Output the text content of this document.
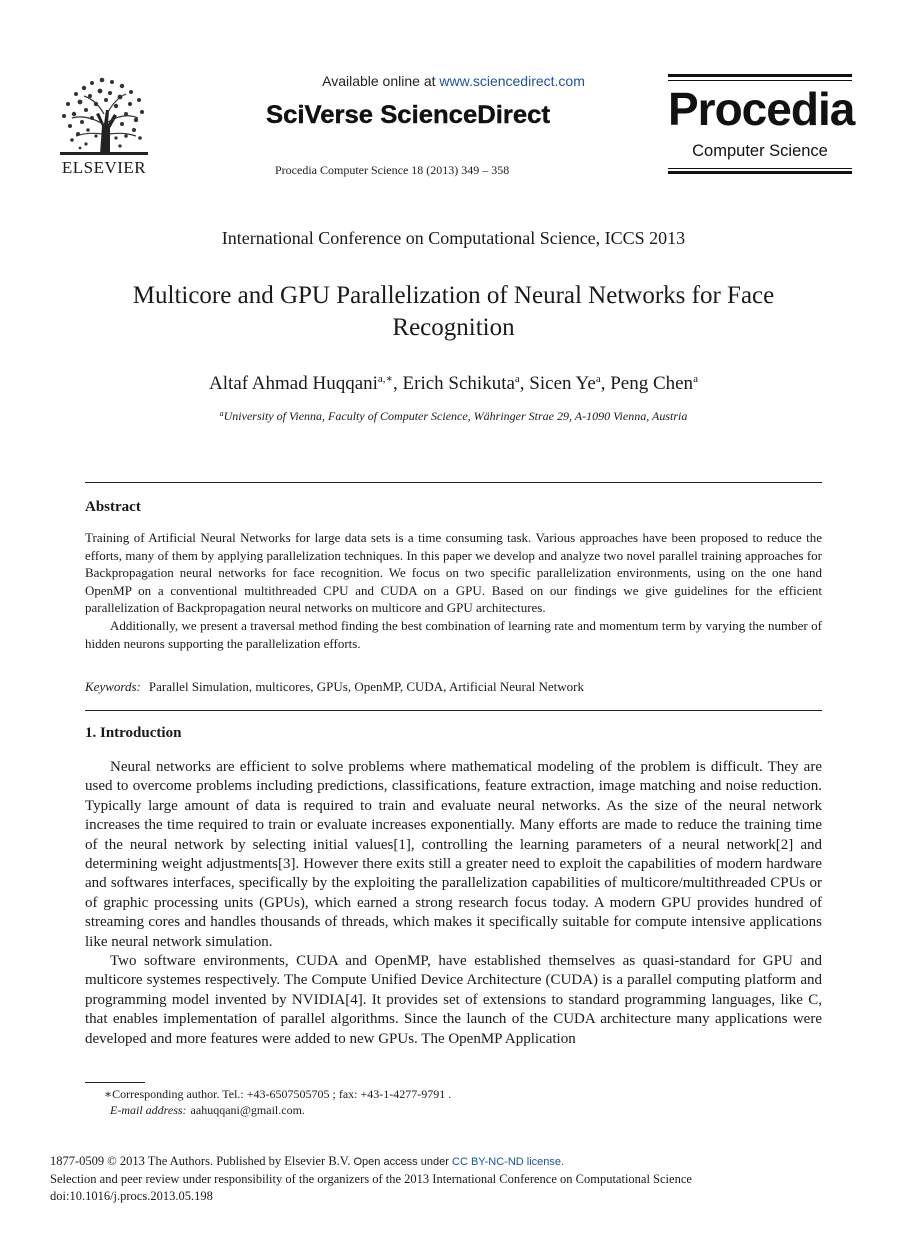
ELSEVIER
Available online at www.sciencedirect.com
SciVerse ScienceDirect
Procedia Computer Science 18 (2013) 349 – 358
Procedia
Computer Science
International Conference on Computational Science, ICCS 2013
Multicore and GPU Parallelization of Neural Networks for Face
Recognition
Altaf Ahmad Huqqani$^{a,∗}$, Erich Schikuta$^a$, Sicen Ye$^a$, Peng Chen$^a$
$^a$University of Vienna, Faculty of Computer Science, Währinger Strae 29, A-1090 Vienna, Austria
Abstract

Training of Artificial Neural Networks for large data sets is a time consuming task. Various approaches have been proposed to reduce the efforts, many of them by applying parallelization techniques. In this paper we develop and analyze two novel parallel training approaches for Backpropagation neural networks for face recognition. We focus on two specific parallelization environments, using on the one hand OpenMP on a conventional multithreaded CPU and CUDA on a GPU. Based on our findings we give guidelines for the efficient parallelization of Backpropagation neural networks on multicore and GPU architectures.

Additionally, we present a traversal method finding the best combination of learning rate and momentum term by varying the number of hidden neurons supporting the parallelization efforts.

Keywords: Parallel Simulation, multicores, GPUs, OpenMP, CUDA, Artificial Neural Network
1. Introduction

Neural networks are efficient to solve problems where mathematical modeling of the problem is difficult. They are used to overcome problems including predictions, classifications, feature extraction, image matching and noise reduction. Typically large amount of data is required to train and evaluate neural networks. As the size of the neural network increases the time required to train or evaluate increases exponentially. Many efforts are made to reduce the training time of the neural network by selecting initial values[1], controlling the learning parameters of a neural network[2] and determining weight adjustments[3]. However there exits still a greater need to exploit the capabilities of modern hardware and softwares interfaces, specifically by the exploiting the parallelization capabilities of multicore/multithreaded CPUs or of graphic processing units (GPUs), which earned a strong research focus today. A modern GPU provides hundred of streaming cores and handles thousands of threads, which makes it specifically suitable for compute intensive applications like neural network simulation.

Two software environments, CUDA and OpenMP, have established themselves as quasi-standard for GPU and multicore systemes respectively. The Compute Unified Device Architecture (CUDA) is a parallel computing platform and programming model invented by NVIDIA[4]. It provides set of extensions to standard programming languages, like C, that enables implementation of parallel algorithms. Since the launch of the CUDA architecture many applications were developed and more features were added to new GPUs. The OpenMP Application

∗Corresponding author. Tel.: +43-6507505705 ; fax: +43-1-4277-9791 .
E-mail address: aahuqqani@gmail.com.
1877-0509 © 2013 The Authors. Published by Elsevier B.V. Open access under CC BY-NC-ND license.
Selection and peer review under responsibility of the organizers of the 2013 International Conference on Computational Science
doi:10.1016/j.procs.2013.05.198
